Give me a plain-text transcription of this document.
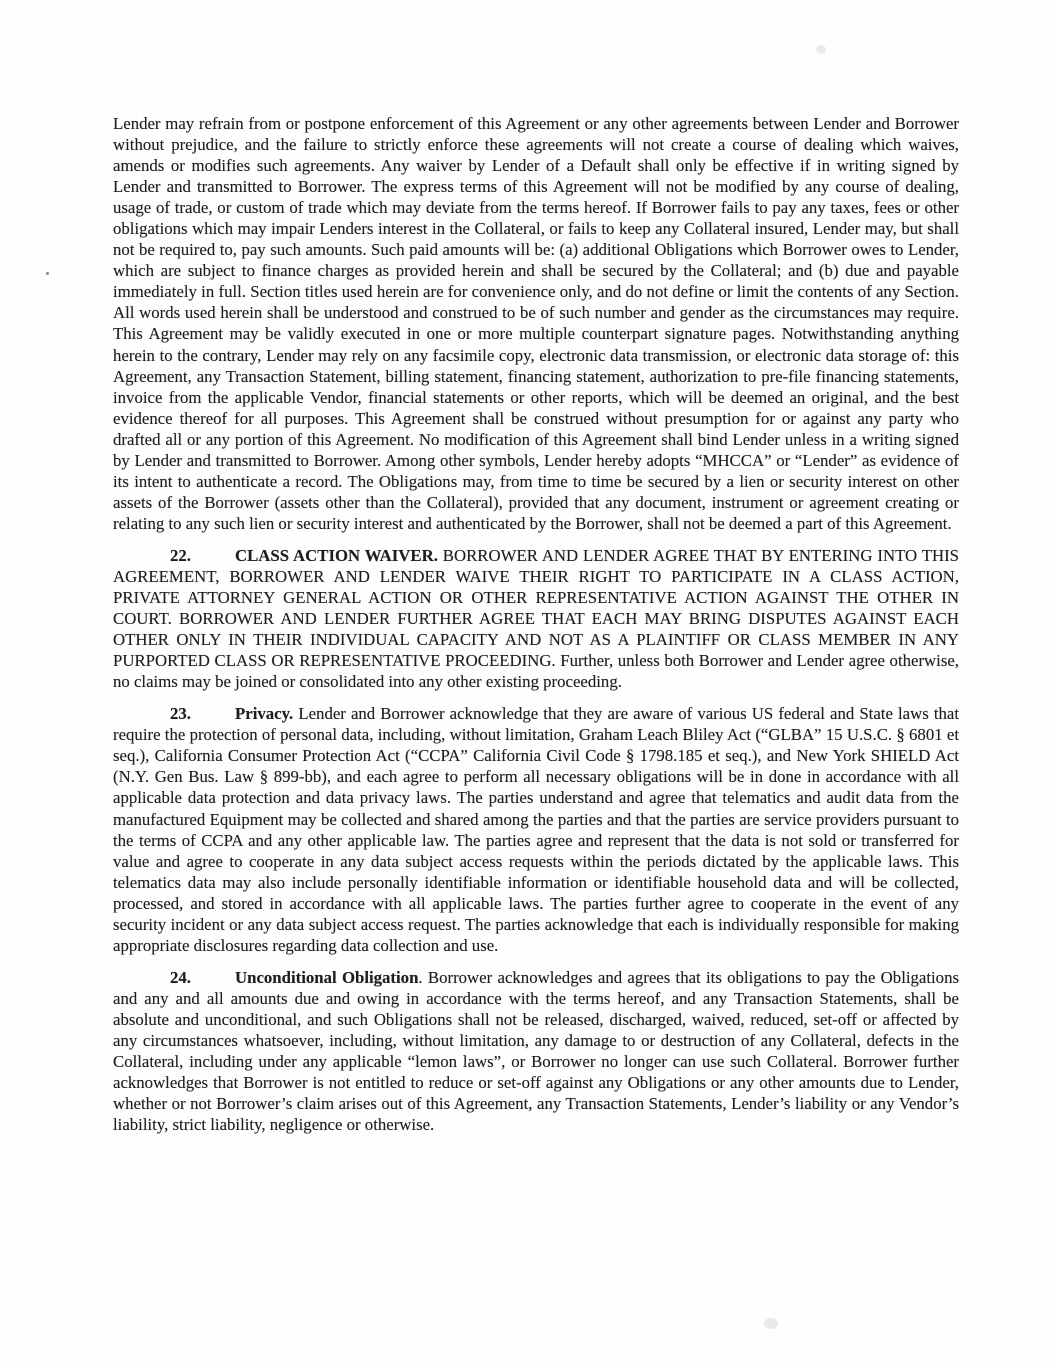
Lender may refrain from or postpone enforcement of this Agreement or any other agreements between Lender and Borrower without prejudice, and the failure to strictly enforce these agreements will not create a course of dealing which waives, amends or modifies such agreements. Any waiver by Lender of a Default shall only be effective if in writing signed by Lender and transmitted to Borrower. The express terms of this Agreement will not be modified by any course of dealing, usage of trade, or custom of trade which may deviate from the terms hereof. If Borrower fails to pay any taxes, fees or other obligations which may impair Lenders interest in the Collateral, or fails to keep any Collateral insured, Lender may, but shall not be required to, pay such amounts. Such paid amounts will be: (a) additional Obligations which Borrower owes to Lender, which are subject to finance charges as provided herein and shall be secured by the Collateral; and (b) due and payable immediately in full. Section titles used herein are for convenience only, and do not define or limit the contents of any Section. All words used herein shall be understood and construed to be of such number and gender as the circumstances may require. This Agreement may be validly executed in one or more multiple counterpart signature pages. Notwithstanding anything herein to the contrary, Lender may rely on any facsimile copy, electronic data transmission, or electronic data storage of: this Agreement, any Transaction Statement, billing statement, financing statement, authorization to pre-file financing statements, invoice from the applicable Vendor, financial statements or other reports, which will be deemed an original, and the best evidence thereof for all purposes. This Agreement shall be construed without presumption for or against any party who drafted all or any portion of this Agreement. No modification of this Agreement shall bind Lender unless in a writing signed by Lender and transmitted to Borrower. Among other symbols, Lender hereby adopts “MHCCA” or “Lender” as evidence of its intent to authenticate a record. The Obligations may, from time to time be secured by a lien or security interest on other assets of the Borrower (assets other than the Collateral), provided that any document, instrument or agreement creating or relating to any such lien or security interest and authenticated by the Borrower, shall not be deemed a part of this Agreement.

22.	CLASS ACTION WAIVER. BORROWER AND LENDER AGREE THAT BY ENTERING INTO THIS AGREEMENT, BORROWER AND LENDER WAIVE THEIR RIGHT TO PARTICIPATE IN A CLASS ACTION, PRIVATE ATTORNEY GENERAL ACTION OR OTHER REPRESENTATIVE ACTION AGAINST THE OTHER IN COURT. BORROWER AND LENDER FURTHER AGREE THAT EACH MAY BRING DISPUTES AGAINST EACH OTHER ONLY IN THEIR INDIVIDUAL CAPACITY AND NOT AS A PLAINTIFF OR CLASS MEMBER IN ANY PURPORTED CLASS OR REPRESENTATIVE PROCEEDING. Further, unless both Borrower and Lender agree otherwise, no claims may be joined or consolidated into any other existing proceeding.

23.	Privacy. Lender and Borrower acknowledge that they are aware of various US federal and State laws that require the protection of personal data, including, without limitation, Graham Leach Bliley Act (“GLBA” 15 U.S.C. § 6801 et seq.), California Consumer Protection Act (“CCPA” California Civil Code § 1798.185 et seq.), and New York SHIELD Act (N.Y. Gen Bus. Law § 899-bb), and each agree to perform all necessary obligations will be in done in accordance with all applicable data protection and data privacy laws. The parties understand and agree that telematics and audit data from the manufactured Equipment may be collected and shared among the parties and that the parties are service providers pursuant to the terms of CCPA and any other applicable law. The parties agree and represent that the data is not sold or transferred for value and agree to cooperate in any data subject access requests within the periods dictated by the applicable laws. This telematics data may also include personally identifiable information or identifiable household data and will be collected, processed, and stored in accordance with all applicable laws. The parties further agree to cooperate in the event of any security incident or any data subject access request. The parties acknowledge that each is individually responsible for making appropriate disclosures regarding data collection and use.

24.	Unconditional Obligation. Borrower acknowledges and agrees that its obligations to pay the Obligations and any and all amounts due and owing in accordance with the terms hereof, and any Transaction Statements, shall be absolute and unconditional, and such Obligations shall not be released, discharged, waived, reduced, set-off or affected by any circumstances whatsoever, including, without limitation, any damage to or destruction of any Collateral, defects in the Collateral, including under any applicable “lemon laws”, or Borrower no longer can use such Collateral. Borrower further acknowledges that Borrower is not entitled to reduce or set-off against any Obligations or any other amounts due to Lender, whether or not Borrower’s claim arises out of this Agreement, any Transaction Statements, Lender’s liability or any Vendor’s liability, strict liability, negligence or otherwise.
